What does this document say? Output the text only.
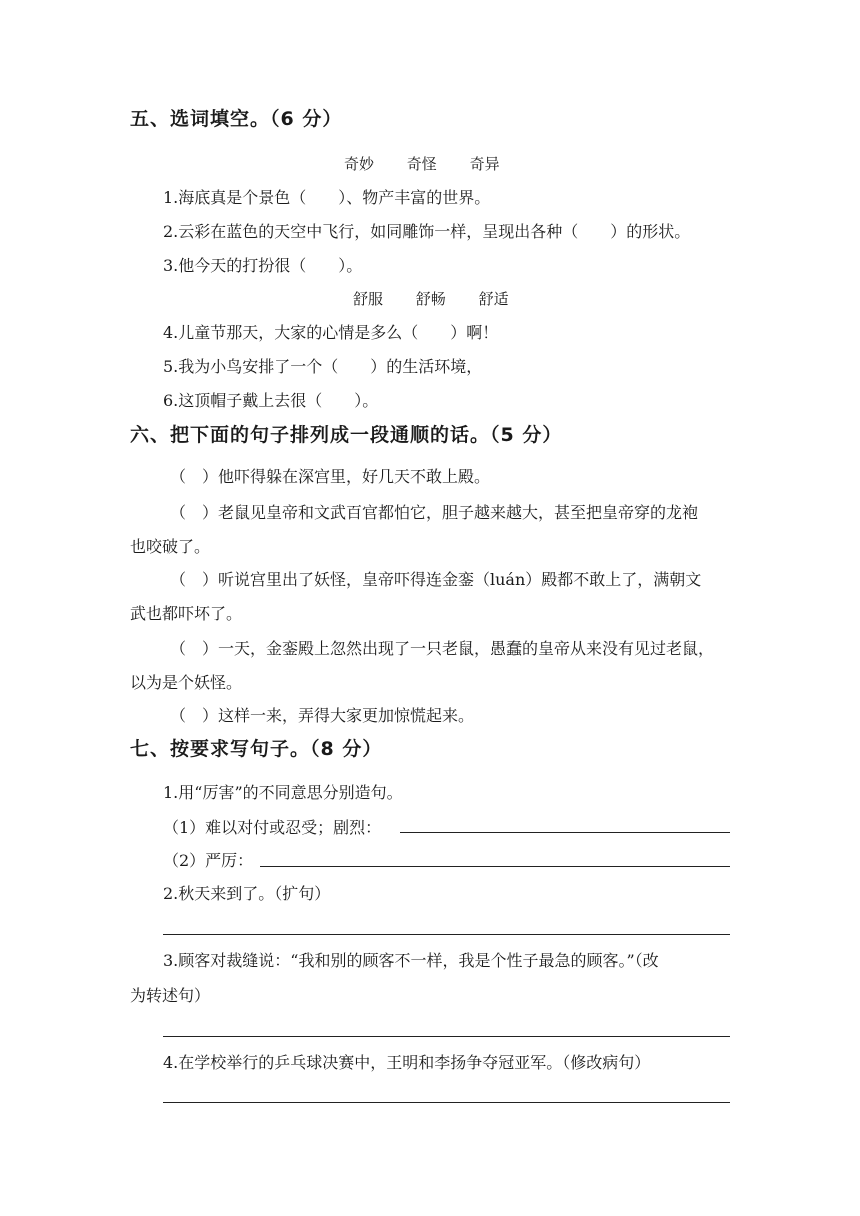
五、选词填空。（6 分）
奇妙 奇怪 奇异
1.海底真是个景色（　　）、物产丰富的世界。
2.云彩在蓝色的天空中飞行，如同雕饰一样，呈现出各种（　　）的形状。
3.他今天的打扮很（　　）。
舒服 舒畅 舒适
4.儿童节那天，大家的心情是多么（　　）啊！
5.我为小鸟安排了一个（　　）的生活环境，
6.这顶帽子戴上去很（　　）。
六、把下面的句子排列成一段通顺的话。（5 分）
（　）他吓得躲在深宫里，好几天不敢上殿。
（　）老鼠见皇帝和文武百官都怕它，胆子越来越大，甚至把皇帝穿的龙袍
也咬破了。
（　）听说宫里出了妖怪，皇帝吓得连金銮（luán）殿都不敢上了，满朝文
武也都吓坏了。
（　）一天，金銮殿上忽然出现了一只老鼠，愚蠢的皇帝从来没有见过老鼠，
以为是个妖怪。
（　）这样一来，弄得大家更加惊慌起来。
七、按要求写句子。（8 分）
1.用“厉害”的不同意思分别造句。
（1）难以对付或忍受；剧烈：
（2）严厉：
2.秋天来到了。（扩句）
3.顾客对裁缝说：“我和别的顾客不一样，我是个性子最急的顾客。”（改
为转述句）
4.在学校举行的乒乓球决赛中，王明和李扬争夺冠亚军。（修改病句）
